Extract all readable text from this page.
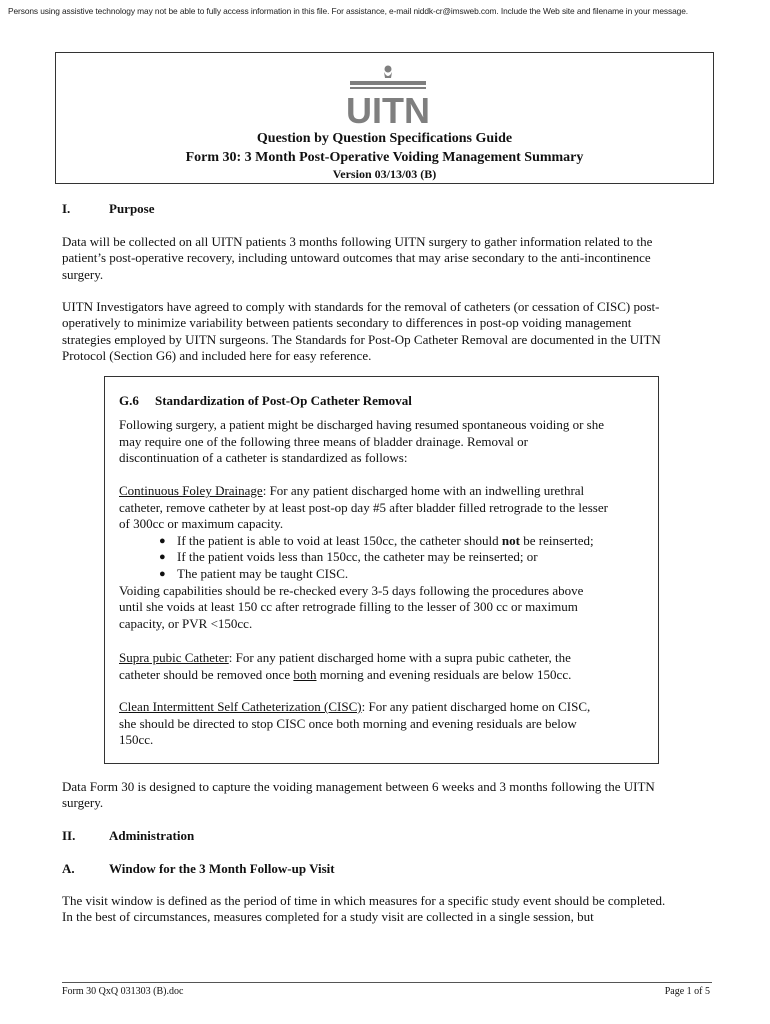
Persons using assistive technology may not be able to fully access information in this file. For assistance, e-mail niddk-cr@imsweb.com. Include the Web site and filename in your message.
UITN
Question by Question Specifications Guide
Form 30: 3 Month Post-Operative Voiding Management Summary
Version 03/13/03 (B)
I.	Purpose
Data will be collected on all UITN patients 3 months following UITN surgery to gather information related to the
patient’s post-operative recovery, including untoward outcomes that may arise secondary to the anti-incontinence
surgery.
UITN Investigators have agreed to comply with standards for the removal of catheters (or cessation of CISC) post-
operatively to minimize variability between patients secondary to differences in post-op voiding management
strategies employed by UITN surgeons. The Standards for Post-Op Catheter Removal are documented in the UITN
Protocol (Section G6) and included here for easy reference.
G.6 Standardization of Post-Op Catheter Removal
Following surgery, a patient might be discharged having resumed spontaneous voiding or she
may require one of the following three means of bladder drainage. Removal or
discontinuation of a catheter is standardized as follows:
Continuous Foley Drainage: For any patient discharged home with an indwelling urethral
catheter, remove catheter by at least post-op day #5 after bladder filled retrograde to the lesser
of 300cc or maximum capacity.
● If the patient is able to void at least 150cc, the catheter should not be reinserted;
● If the patient voids less than 150cc, the catheter may be reinserted; or
● The patient may be taught CISC.
Voiding capabilities should be re-checked every 3-5 days following the procedures above
until she voids at least 150 cc after retrograde filling to the lesser of 300 cc or maximum
capacity, or PVR <150cc.
Supra pubic Catheter: For any patient discharged home with a supra pubic catheter, the
catheter should be removed once both morning and evening residuals are below 150cc.
Clean Intermittent Self Catheterization (CISC): For any patient discharged home on CISC,
she should be directed to stop CISC once both morning and evening residuals are below
150cc.
Data Form 30 is designed to capture the voiding management between 6 weeks and 3 months following the UITN
surgery.
II.	Administration
A.	Window for the 3 Month Follow-up Visit
The visit window is defined as the period of time in which measures for a specific study event should be completed.
In the best of circumstances, measures completed for a study visit are collected in a single session, but
Form 30 QxQ 031303 (B).doc	Page 1 of 5
